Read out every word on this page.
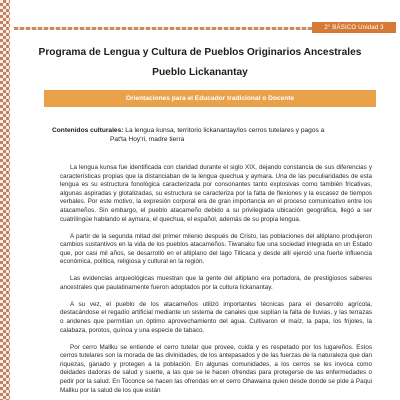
2° BÁSICO Unidad 3
Programa de Lengua y Cultura de Pueblos Originarios Ancestrales
Pueblo Lickanantay
Orientaciones para el Educador tradicional o Docente
Contenidos culturales: La lengua kunsa, territorio lickanantay/los cerros tutelares y pagos a
Pat'ta Hoy'ri, madre tierra

La lengua kunsa fue identificada con claridad durante el siglo XIX, dejando constancia de sus diferencias y características propias que la distanciaban de la lengua quechua y aymara. Una de las peculiaridades de esta lengua es su estructura fonológica caracterizada por consonantes tanto explosivas como también fricativas, algunas aspiradas y glotalizadas, su estructura se caracteriza por la falta de flexiones y la escasez de tiempos verbales. Por este motivo, la expresión corporal era de gran importancia en el proceso comunicativo entre los atacameños. Sin embargo, el pueblo atacameño debido a su privilegiada ubicación geográfica, llegó a ser cuatrilingüe hablando el aymara, el quechua, el español, además de su propia lengua.

A partir de la segunda mitad del primer milenio después de Cristo, las poblaciones del altiplano produjeron cambios sustantivos en la vida de los pueblos atacameños. Tiwanaku fue una sociedad integrada en un Estado que, por casi mil años, se desarrolló en el altiplano del lago Titicaca y desde allí ejerció una fuerte influencia económica, política, religiosa y cultural en la región.

Las evidencias arqueológicas muestran que la gente del altiplano era portadora, de prestigiosos saberes ancestrales que paulatinamente fueron adoptados por la cultura lickanantay.

A su vez, el pueblo de los atacameños utilizó importantes técnicas para el desarrollo agrícola, destacándose el regadío artificial mediante un sistema de canales que suplían la falta de lluvias, y las terrazas o andenes que permitían un óptimo aprovechamiento del agua. Cultivaron el maíz, la papa, los frijoles, la calabaza, porotos, quínoa y una especie de tabaco.

Por cerro Mallku se entiende el cerro tutelar que provee, cuida y es respetado por los lugareños. Estos cerros tutelares son la morada de las divinidades, de los antepasados y de las fuerzas de la naturaleza que dan riquezas, ganado y protegen a la población. En algunas comunidades, a los cerros se les invoca como deidades dadoras de salud y suerte, a las que se le hacen ofrendas para protegerse de las enfermedades o pedir por la salud. En Toconce se hacen las ofrendas en el cerro Ohawaina quien desde donde se pide a Paqui Mallku por la salud de los que están
